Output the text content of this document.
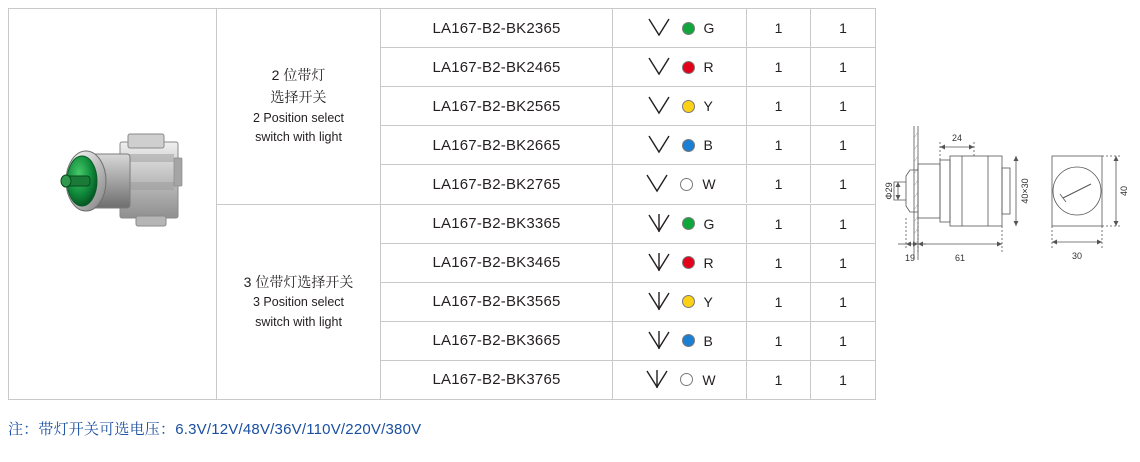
2 位带灯
选择开关
2 Position select
switch with light
LA167-B2-BK2365	G	1	1
LA167-B2-BK2465	R	1	1
LA167-B2-BK2565	Y	1	1
LA167-B2-BK2665	B	1	1
LA167-B2-BK2765	W	1	1
3 位带灯选择开关
3 Position select
switch with light
LA167-B2-BK3365	G	1	1
LA167-B2-BK3465	R	1	1
LA167-B2-BK3565	Y	1	1
LA167-B2-BK3665	B	1	1
LA167-B2-BK3765	W	1	1
24
Φ29
19	61
40×30	40
30
注：带灯开关可选电压：6.3V/12V/48V/36V/110V/220V/380V
